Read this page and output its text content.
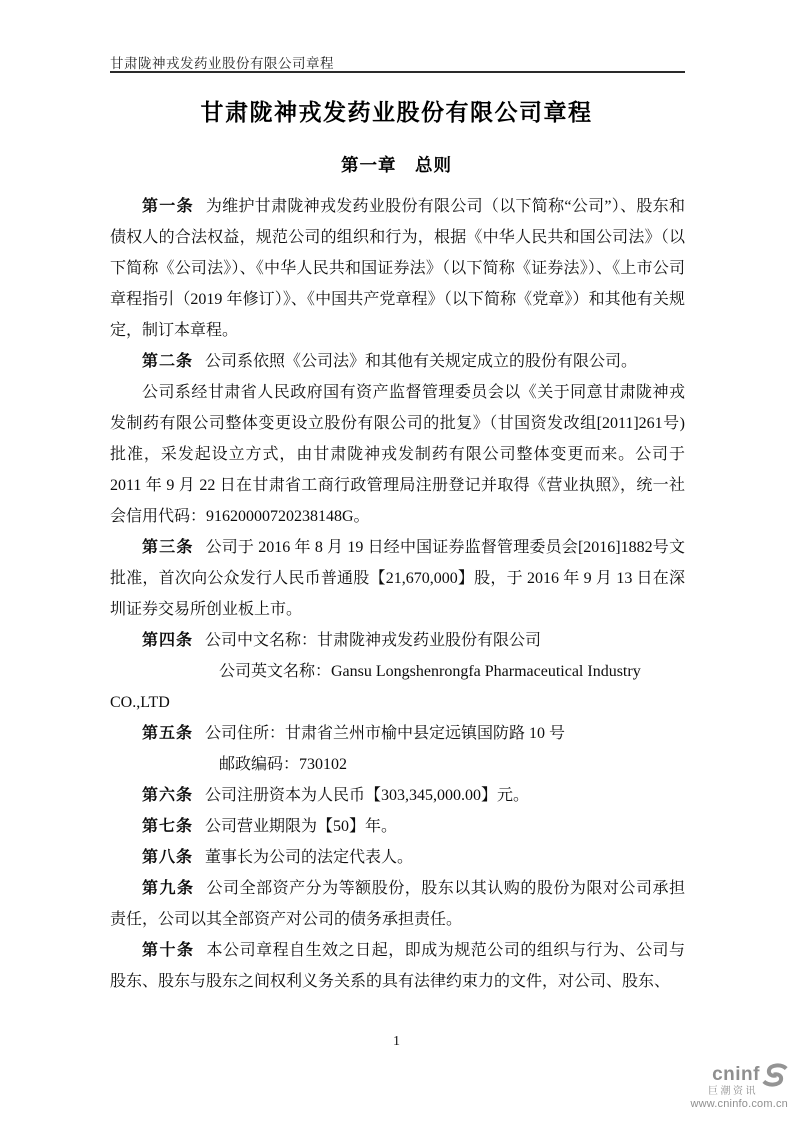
甘肃陇神戎发药业股份有限公司章程
甘肃陇神戎发药业股份有限公司章程
第一章　总则

第一条 为维护甘肃陇神戎发药业股份有限公司（以下简称“公司”）、股东和债权人的合法权益，规范公司的组织和行为，根据《中华人民共和国公司法》（以下简称《公司法》）、《中华人民共和国证券法》（以下简称《证券法》）、《上市公司章程指引（2019 年修订）》、《中国共产党章程》（以下简称《党章》）和其他有关规定，制订本章程。

第二条 公司系依照《公司法》和其他有关规定成立的股份有限公司。

公司系经甘肃省人民政府国有资产监督管理委员会以《关于同意甘肃陇神戎发制药有限公司整体变更设立股份有限公司的批复》（甘国资发改组[2011]261号)批准，采发起设立方式，由甘肃陇神戎发制药有限公司整体变更而来。公司于 2011 年 9 月 22 日在甘肃省工商行政管理局注册登记并取得《营业执照》，统一社会信用代码：91620000720238148G。

第三条 公司于 2016 年 8 月 19 日经中国证券监督管理委员会[2016]1882号文批准，首次向公众发行人民币普通股【21,670,000】股，于 2016 年 9 月 13 日在深圳证券交易所创业板上市。

第四条 公司中文名称：甘肃陇神戎发药业股份有限公司

公司英文名称：Gansu Longshenrongfa Pharmaceutical Industry

CO.,LTD

第五条 公司住所：甘肃省兰州市榆中县定远镇国防路 10 号

邮政编码：730102

第六条 公司注册资本为人民币【303,345,000.00】元。

第七条 公司营业期限为【50】年。

第八条 董事长为公司的法定代表人。

第九条 公司全部资产分为等额股份，股东以其认购的股份为限对公司承担责任，公司以其全部资产对公司的债务承担责任。

第十条 本公司章程自生效之日起，即成为规范公司的组织与行为、公司与股东、股东与股东之间权利义务关系的具有法律约束力的文件，对公司、股东、

1
cninf
巨潮资讯
www.cninfo.com.cn
